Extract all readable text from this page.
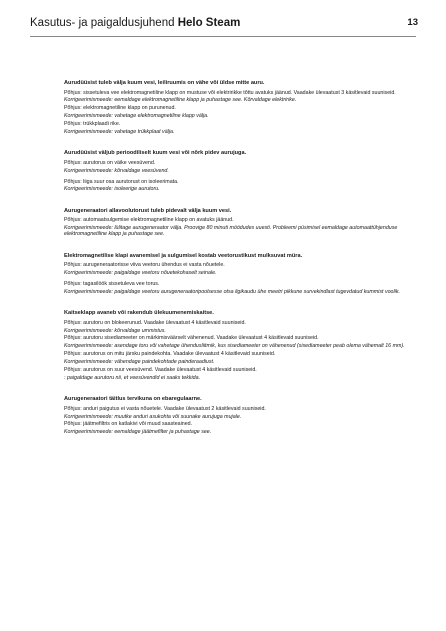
Kasutus- ja paigaldusjuhend Helo Steam	13
Aurudüüsist tuleb välja kuum vesi, leiliruumis on vähe või üldse mitte auru.
Põhjus: sissetuleva vee elektromagnetiline klapp on mustuse või elektririkke tõttu avatuks jäänud. Vaadake ülevaatust 3 käsitlevaid suuniseid.
Korrigeerimismeede: eemaldage elektromagnetiline klapp ja puhastage see. Kõrvaldage elektririke.
Põhjus: elektromagnetiline klapp on purunenud.
Korrigeerimismeede: vahetage elektromagnetiline klapp välja.
Põhjus: trükkplaadi rike.
Korrigeerimismeede: vahetage trükkplaat välja.
Aurudüüsist väljub perioodiliselt kuum vesi või nõrk pidev aurujuga.
Põhjus: aurutorus on väike veesüvend.
Korrigeerimismeede: kõrvaldage veesüvend.
Põhjus: liiga suur osa aurutorust on isoleerimata.
Korrigeerimismeede: isoleerige aurutoru.
Aurugeneraatori allavoolutorust tuleb pidevalt välja kuum vesi.
Põhjus: automaatsulgemise elektromagnetiline klapp on avatuks jäänud.
Korrigeerimismeede: lülitage aurugeneraator välja. Proovige 80 minuti möödudes uuesti. Probleemi püsimisel eemaldage automaattühjenduse elektromagnetiline klapp ja puhastage see.
Elektromagnetilise klapi avanemisel ja sulgumisel kostab veetorustikust mulksuvat müra.
Põhjus: aurugeneraatorisse viiva veetoru ühendus ei vasta nõuetele.
Korrigeerimismeede: paigaldage veetoru nõuetekohaselt seinale.
Põhjus: tagasilöök sissetuleva vee torus.
Korrigeerimismeede: paigaldage veetoru aurugeneraatoripoolsesse otsa ligikaudu ühe meetri pikkune survekindlast tugevdatud kummist voolik.
Kaitseklapp avaneb või rakendub ülekuumenemiskaitse.
Põhjus: aurutoru on blokeerunud. Vaadake ülevaatust 4 käsitlevaid suuniseid.
Korrigeerimismeede: kõrvaldage ummistus.
Põhjus: aurutoru sisediameeter on märkimisväärselt vähenenud. Vaadake ülevaatust 4 käsitlevaid suuniseid.
Korrigeerimismeede: asendage toru või vahetage ühendusliitmik, kus sisediameeter on vähenenud (sisediameeter peab olema vähemalt 16 mm).
Põhjus: aurutorus on mitu järsku paindekohta. Vaadake ülevaatust 4 käsitlevaid suuniseid.
Korrigeerimismeede: vähendage paindekohtade painderaadiust.
Põhjus: aurutorus on suur veesüvend. Vaadake ülevaatust 4 käsitlevaid suuniseid.
: paigaldage aurutoru nii, et veesüvendid ei saaks tekkida.
Aurugeneraatori täitlus tervikuna on ebaregulaarne.
Põhjus: anduri paigutus ei vasta nõuetele. Vaadake ülevaatust 2 käsitlevaid suuniseid.
Korrigeerimismeede: muutke anduri asukohta või suunake aurujuga mujale.
Põhjus: jäätmefiltris on katlakivi või muud saasteained.
Korrigeerimismeede: eemaldage jäätmefilter ja puhastage see.
